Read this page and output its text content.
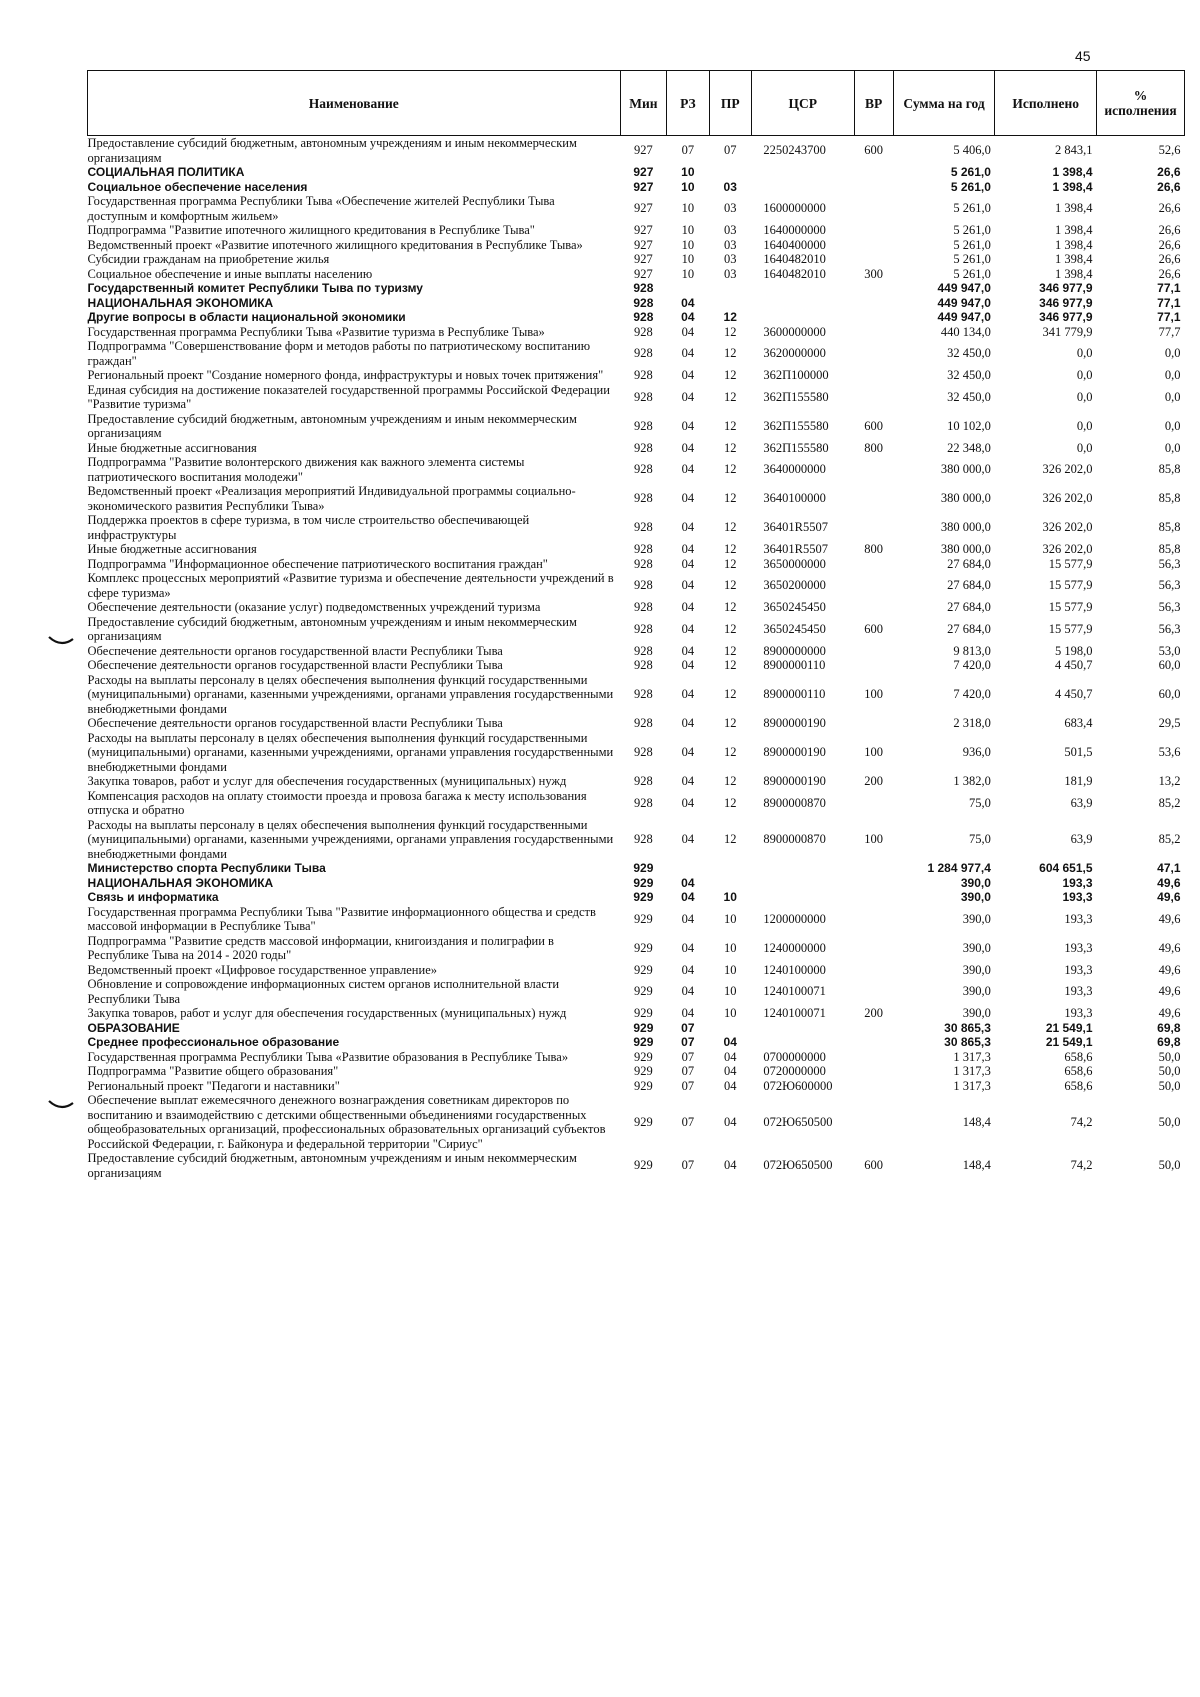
45
Наименование	Мин	РЗ	ПР	ЦСР	ВР	Сумма на год	Исполнено	% исполнения
Предоставление субсидий бюджетным, автономным учреждениям и иным некоммерческим организациям	927	07	07	2250243700	600	5 406,0	2 843,1	52,6
СОЦИАЛЬНАЯ ПОЛИТИКА	927	10				5 261,0	1 398,4	26,6
Социальное обеспечение населения	927	10	03			5 261,0	1 398,4	26,6
Государственная программа Республики Тыва «Обеспечение жителей Республики Тыва доступным и комфортным жильем»	927	10	03	1600000000		5 261,0	1 398,4	26,6
Подпрограмма "Развитие ипотечного жилищного кредитования в Республике Тыва"	927	10	03	1640000000		5 261,0	1 398,4	26,6
Ведомственный проект «Развитие ипотечного жилищного кредитования в Республике Тыва»	927	10	03	1640400000		5 261,0	1 398,4	26,6
Субсидии гражданам на приобретение жилья	927	10	03	1640482010		5 261,0	1 398,4	26,6
Социальное обеспечение и иные выплаты населению	927	10	03	1640482010	300	5 261,0	1 398,4	26,6
Государственный комитет Республики Тыва по туризму	928					449 947,0	346 977,9	77,1
НАЦИОНАЛЬНАЯ ЭКОНОМИКА	928	04				449 947,0	346 977,9	77,1
Другие вопросы в области национальной экономики	928	04	12			449 947,0	346 977,9	77,1
Государственная программа Республики Тыва «Развитие туризма в Республике Тыва»	928	04	12	3600000000		440 134,0	341 779,9	77,7
Подпрограмма "Совершенствование форм и методов работы по патриотическому воспитанию граждан"	928	04	12	3620000000		32 450,0	0,0	0,0
Региональный проект "Создание номерного фонда, инфраструктуры и новых точек притяжения"	928	04	12	362П100000		32 450,0	0,0	0,0
Единая субсидия на достижение показателей государственной программы Российской Федерации "Развитие туризма"	928	04	12	362П155580		32 450,0	0,0	0,0
Предоставление субсидий бюджетным, автономным учреждениям и иным некоммерческим организациям	928	04	12	362П155580	600	10 102,0	0,0	0,0
Иные бюджетные ассигнования	928	04	12	362П155580	800	22 348,0	0,0	0,0
Подпрограмма "Развитие волонтерского движения как важного элемента системы патриотического воспитания молодежи"	928	04	12	3640000000		380 000,0	326 202,0	85,8
Ведомственный проект «Реализация мероприятий Индивидуальной программы социально-экономического развития Республики Тыва»	928	04	12	3640100000		380 000,0	326 202,0	85,8
Поддержка проектов в сфере туризма, в том числе строительство обеспечивающей инфраструктуры	928	04	12	36401R5507		380 000,0	326 202,0	85,8
Иные бюджетные ассигнования	928	04	12	36401R5507	800	380 000,0	326 202,0	85,8
Подпрограмма "Информационное обеспечение патриотического воспитания граждан"	928	04	12	3650000000		27 684,0	15 577,9	56,3
Комплекс процессных мероприятий «Развитие туризма и обеспечение деятельности учреждений в сфере туризма»	928	04	12	3650200000		27 684,0	15 577,9	56,3
Обеспечение деятельности (оказание услуг) подведомственных учреждений туризма	928	04	12	3650245450		27 684,0	15 577,9	56,3
Предоставление субсидий бюджетным, автономным учреждениям и иным некоммерческим организациям	928	04	12	3650245450	600	27 684,0	15 577,9	56,3
Обеспечение деятельности органов государственной власти Республики Тыва	928	04	12	8900000000		9 813,0	5 198,0	53,0
Обеспечение деятельности органов государственной власти Республики Тыва	928	04	12	8900000110		7 420,0	4 450,7	60,0
Расходы на выплаты персоналу в целях обеспечения выполнения функций государственными (муниципальными) органами, казенными учреждениями, органами управления государственными внебюджетными фондами	928	04	12	8900000110	100	7 420,0	4 450,7	60,0
Обеспечение деятельности органов государственной власти Республики Тыва	928	04	12	8900000190		2 318,0	683,4	29,5
Расходы на выплаты персоналу в целях обеспечения выполнения функций государственными (муниципальными) органами, казенными учреждениями, органами управления государственными внебюджетными фондами	928	04	12	8900000190	100	936,0	501,5	53,6
Закупка товаров, работ и услуг для обеспечения государственных (муниципальных) нужд	928	04	12	8900000190	200	1 382,0	181,9	13,2
Компенсация расходов на оплату стоимости проезда и провоза багажа к месту использования отпуска и обратно	928	04	12	8900000870		75,0	63,9	85,2
Расходы на выплаты персоналу в целях обеспечения выполнения функций государственными (муниципальными) органами, казенными учреждениями, органами управления государственными внебюджетными фондами	928	04	12	8900000870	100	75,0	63,9	85,2
Министерство спорта Республики Тыва	929					1 284 977,4	604 651,5	47,1
НАЦИОНАЛЬНАЯ ЭКОНОМИКА	929	04				390,0	193,3	49,6
Связь и информатика	929	04	10			390,0	193,3	49,6
Государственная программа Республики Тыва "Развитие информационного общества и средств массовой информации в Республике Тыва"	929	04	10	1200000000		390,0	193,3	49,6
Подпрограмма "Развитие средств массовой информации, книгоиздания и полиграфии в Республике Тыва на 2014 - 2020 годы"	929	04	10	1240000000		390,0	193,3	49,6
Ведомственный проект «Цифровое государственное управление»	929	04	10	1240100000		390,0	193,3	49,6
Обновление и сопровождение информационных систем органов исполнительной власти Республики Тыва	929	04	10	1240100071		390,0	193,3	49,6
Закупка товаров, работ и услуг для обеспечения государственных (муниципальных) нужд	929	04	10	1240100071	200	390,0	193,3	49,6
ОБРАЗОВАНИЕ	929	07				30 865,3	21 549,1	69,8
Среднее профессиональное образование	929	07	04			30 865,3	21 549,1	69,8
Государственная программа Республики Тыва «Развитие образования в Республике Тыва»	929	07	04	0700000000		1 317,3	658,6	50,0
Подпрограмма "Развитие общего образования"	929	07	04	0720000000		1 317,3	658,6	50,0
Региональный проект "Педагоги и наставники"	929	07	04	072Ю600000		1 317,3	658,6	50,0
Обеспечение выплат ежемесячного денежного вознаграждения советникам директоров по воспитанию и взаимодействию с детскими общественными объединениями государственных общеобразовательных организаций, профессиональных образовательных организаций субъектов Российской Федерации, г. Байконура и федеральной территории "Сириус"	929	07	04	072Ю650500		148,4	74,2	50,0
Предоставление субсидий бюджетным, автономным учреждениям и иным некоммерческим организациям	929	07	04	072Ю650500	600	148,4	74,2	50,0
